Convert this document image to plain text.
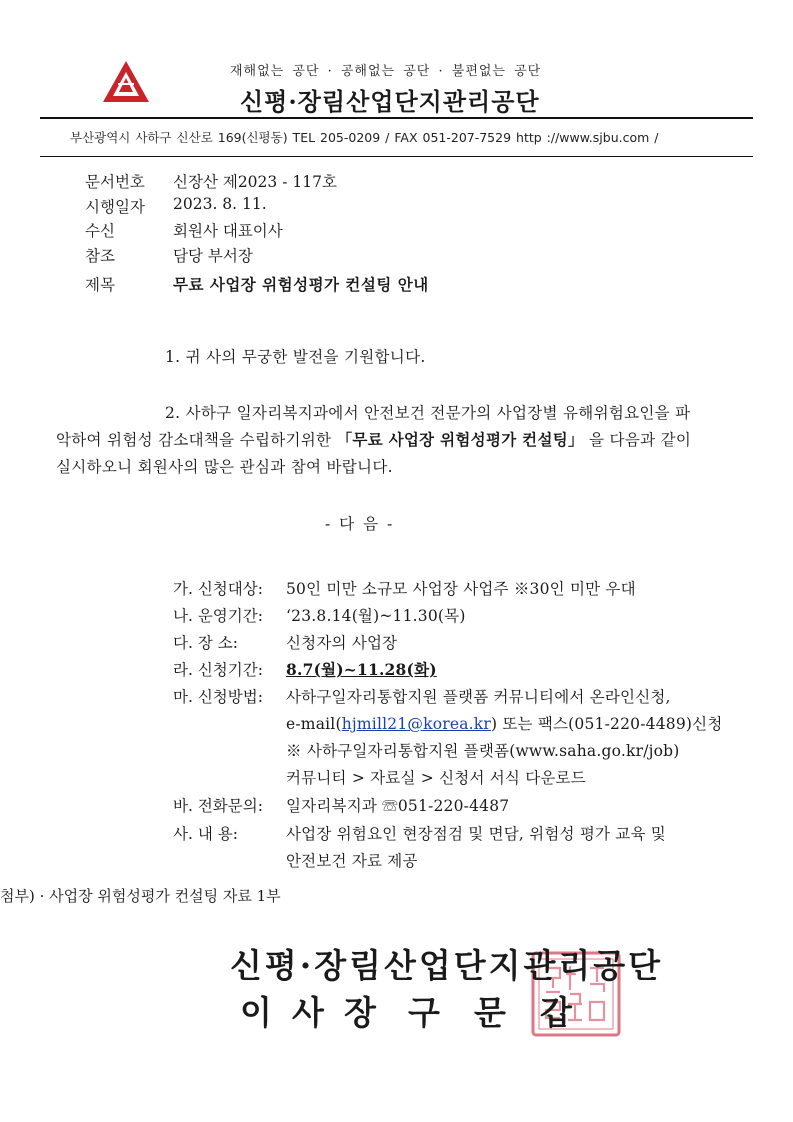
재해없는 공단 · 공해없는 공단 · 불편없는 공단
신평·장림산업단지관리공단
부산광역시 사하구 신산로 169(신평동) TEL 205-0209 / FAX 051-207-7529 http ://www.sjbu.com /
문서번호 신장산 제2023 - 117호
시행일자 2023. 8. 11.
수신	회원사 대표이사
참조	담당 부서장
제목	무료 사업장 위험성평가 컨설팅 안내
1. 귀 사의 무궁한 발전을 기원합니다.
2. 사하구 일자리복지과에서 안전보건 전문가의 사업장별 유해위험요인을 파
악하여 위험성 감소대책을 수립하기위한 「무료 사업장 위험성평가 컨설팅」 을 다음과 같이
실시하오니 회원사의 많은 관심과 참여 바랍니다.
- 다 음 -
가. 신청대상: 50인 미만 소규모 사업장 사업주 ※30인 미만 우대
나. 운영기간: ‘23.8.14(월)~11.30(목)
다. 장 소:	신청자의 사업장
라. 신청기간: 8.7(월)~11.28(화)
마. 신청방법: 사하구일자리통합지원 플랫폼 커뮤니티에서 온라인신청,
e-mail(hjmill21@korea.kr) 또는 팩스(051-220-4489)신청
※ 사하구일자리통합지원 플랫폼(www.saha.go.kr/job)
커뮤니티 > 자료실 > 신청서 서식 다운로드
바. 전화문의: 일자리복지과 ☏051-220-4487
사. 내 용:	사업장 위험요인 현장점검 및 면담, 위험성 평가 교육 및
안전보건 자료 제공
첨부) · 사업장 위험성평가 컨설팅 자료 1부
신평·장림산업단지관리공단
이 사 장 구 문 갑
